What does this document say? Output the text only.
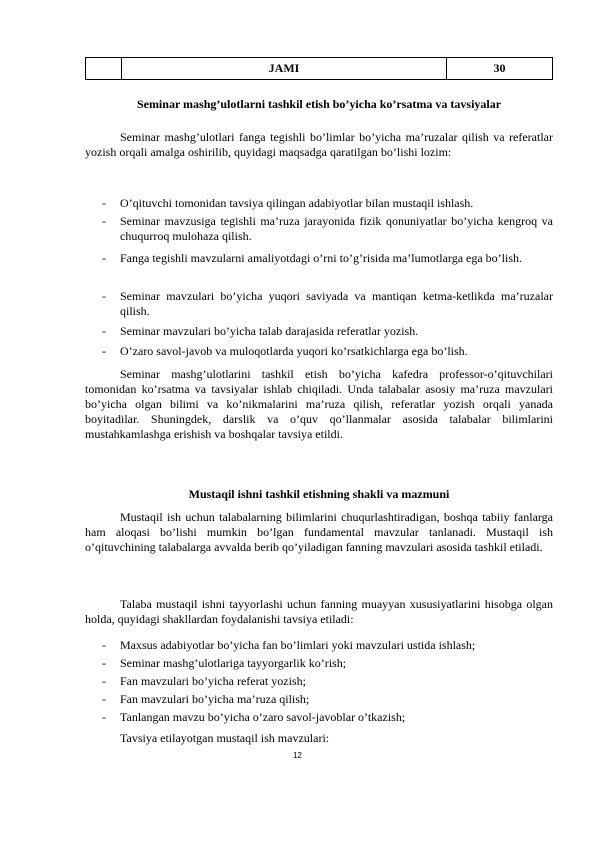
	JAMI	30
Seminar mashg’ulotlarni tashkil etish bo’yicha ko’rsatma va tavsiyalar

Seminar mashg’ulotlari fanga tegishli bo’limlar bo’yicha ma’ruzalar qilish va referatlar yozish orqali amalga oshirilib, quyidagi maqsadga qaratilgan bo’lishi lozim:

- O’qituvchi tomonidan tavsiya qilingan adabiyotlar bilan mustaqil ishlash.
- Seminar mavzusiga tegishli ma’ruza jarayonida fizik qonuniyatlar bo’yicha kengroq va chuqurroq mulohaza qilish.
- Fanga tegishli mavzularni amaliyotdagi o’rni to’g’risida ma’lumotlarga ega bo’lish.
- Seminar mavzulari bo’yicha yuqori saviyada va mantiqan ketma-ketlikda ma’ruzalar qilish.
- Seminar mavzulari bo’yicha talab darajasida referatlar yozish.
- O’zaro savol-javob va muloqotlarda yuqori ko’rsatkichlarga ega bo’lish.

Seminar mashg’ulotlarini tashkil etish bo’yicha kafedra professor-o’qituvchilari tomonidan ko’rsatma va tavsiyalar ishlab chiqiladi. Unda talabalar asosiy ma’ruza mavzulari bo’yicha olgan bilimi va ko’nikmalarini ma’ruza qilish, referatlar yozish orqali yanada boyitadilar. Shuningdek, darslik va o’quv qo’llanmalar asosida talabalar bilimlarini mustahkamlashga erishish va boshqalar tavsiya etildi.

Mustaqil ishni tashkil etishning shakli va mazmuni

Mustaqil ish uchun talabalarning bilimlarini chuqurlashtiradigan, boshqa tabiiy fanlarga ham aloqasi bo’lishi mumkin bo’lgan fundamental mavzular tanlanadi. Mustaqil ish o’qituvchining talabalarga avvalda berib qo’yiladigan fanning mavzulari asosida tashkil etiladi.

Talaba mustaqil ishni tayyorlashi uchun fanning muayyan xususiyatlarini hisobga olgan holda, quyidagi shakllardan foydalanishi tavsiya etiladi:

- Maxsus adabiyotlar bo’yicha fan bo’limlari yoki mavzulari ustida ishlash;
- Seminar mashg’ulotlariga tayyorgarlik ko’rish;
- Fan mavzulari bo’yicha referat yozish;
- Fan mavzulari bo’yicha ma’ruza qilish;
- Tanlangan mavzu bo’yicha o’zaro savol-javoblar o’tkazish;

Tavsiya etilayotgan mustaqil ish mavzulari:

12
